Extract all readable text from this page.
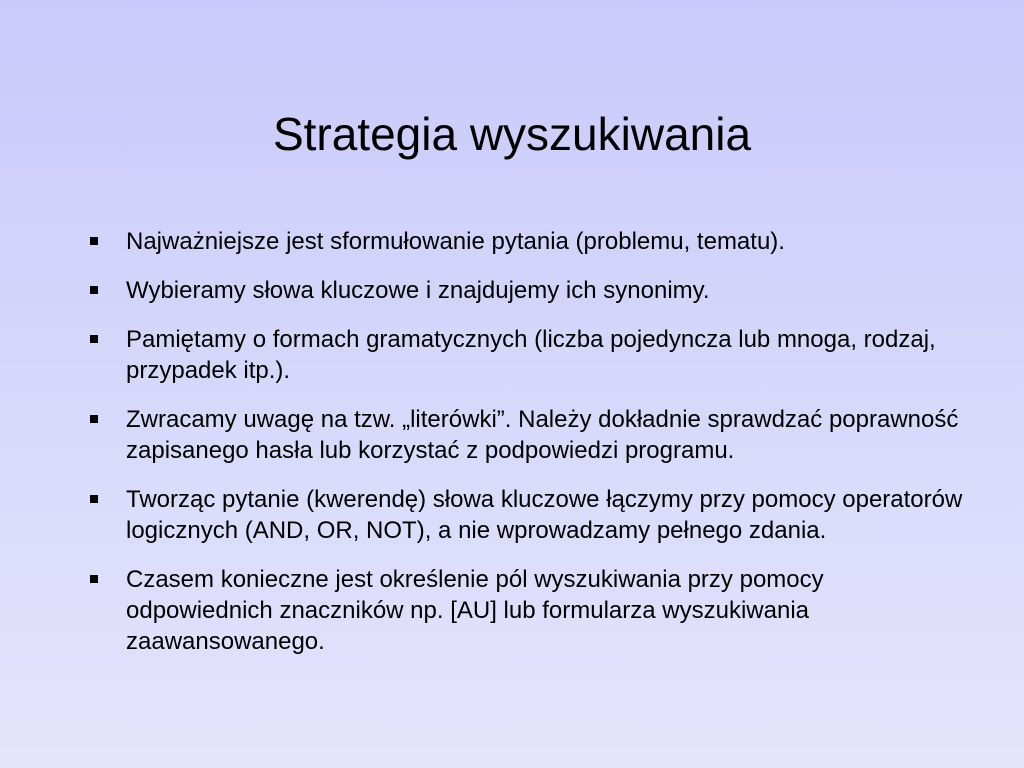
Strategia wyszukiwania
Najważniejsze jest sformułowanie pytania (problemu, tematu).
Wybieramy słowa kluczowe i znajdujemy ich synonimy.
Pamiętamy o formach gramatycznych (liczba pojedyncza lub mnoga, rodzaj, przypadek itp.).
Zwracamy uwagę na tzw. „literówki”. Należy dokładnie sprawdzać poprawność zapisanego hasła lub korzystać z podpowiedzi programu.
Tworząc pytanie (kwerendę) słowa kluczowe łączymy przy pomocy operatorów logicznych (AND, OR, NOT), a nie wprowadzamy pełnego zdania.
Czasem konieczne jest określenie pól wyszukiwania przy pomocy odpowiednich znaczników np. [AU] lub formularza wyszukiwania zaawansowanego.
